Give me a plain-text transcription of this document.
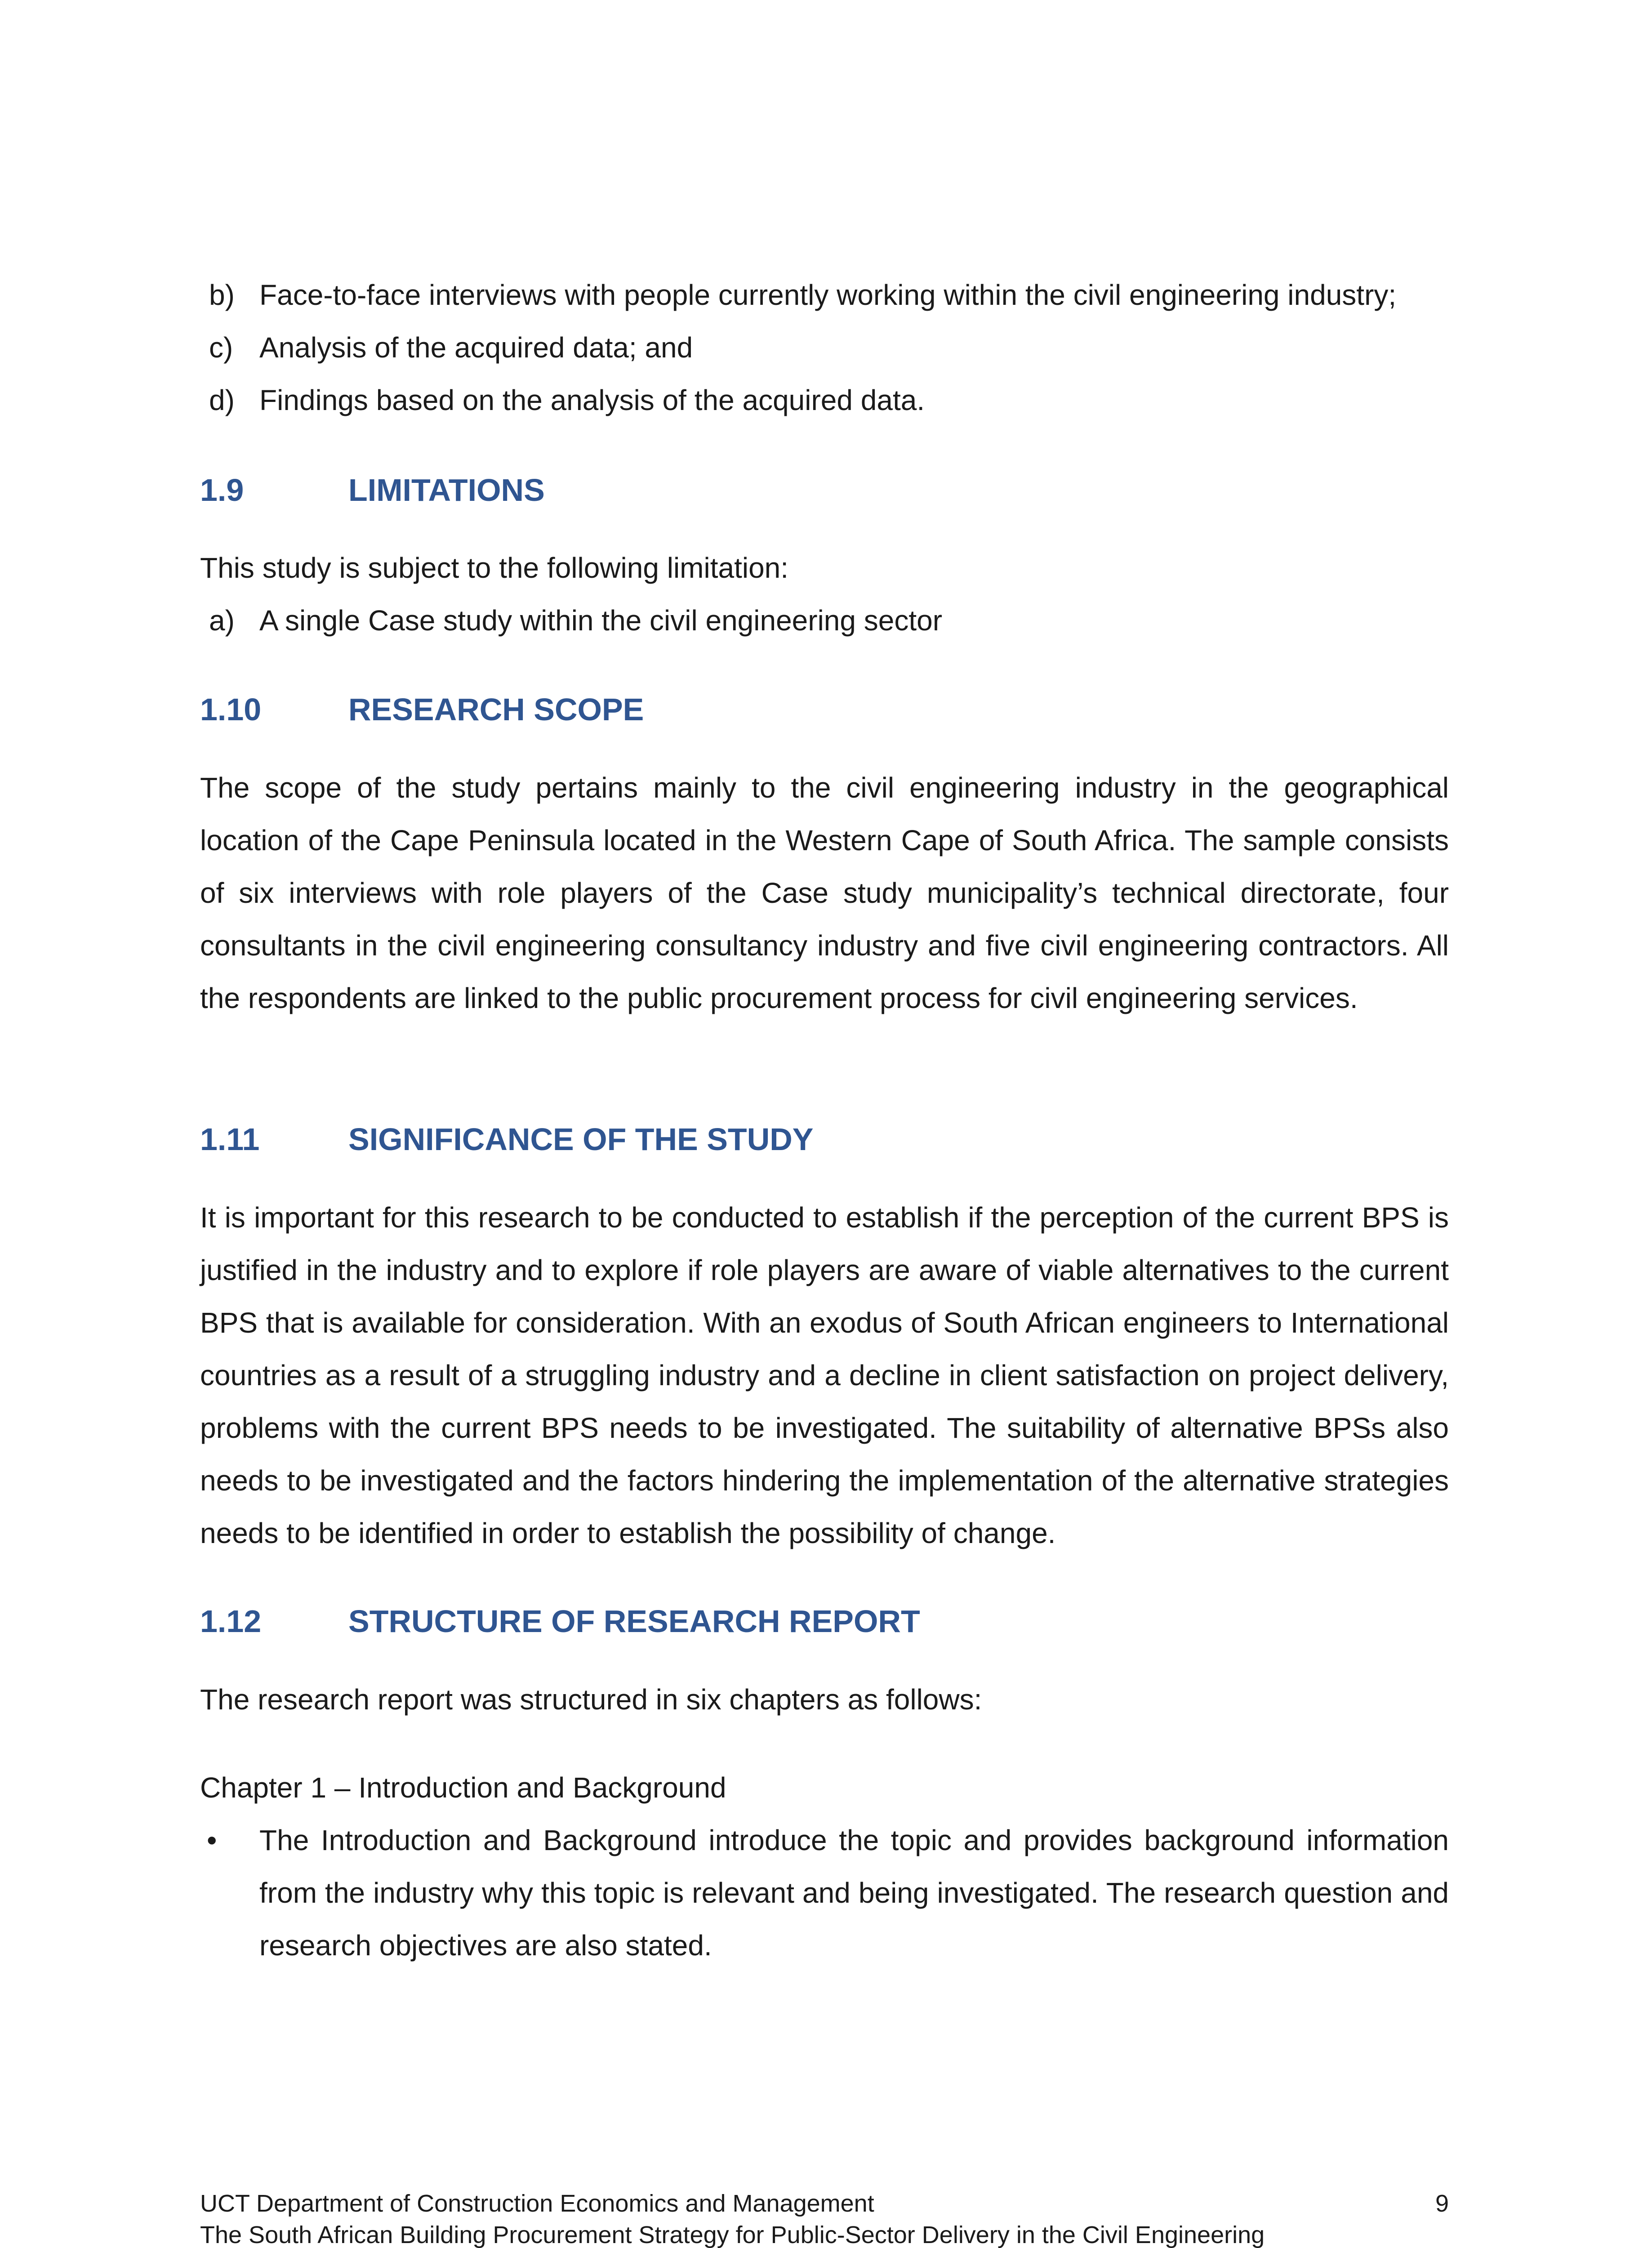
b) Face-to-face interviews with people currently working within the civil engineering industry;
c) Analysis of the acquired data; and
d) Findings based on the analysis of the acquired data.
1.9	LIMITATIONS
This study is subject to the following limitation:
a) A single Case study within the civil engineering sector
1.10	RESEARCH SCOPE
The scope of the study pertains mainly to the civil engineering industry in the geographical location of the Cape Peninsula located in the Western Cape of South Africa. The sample consists of six interviews with role players of the Case study municipality’s technical directorate, four consultants in the civil engineering consultancy industry and five civil engineering contractors. All the respondents are linked to the public procurement process for civil engineering services.
1.11	SIGNIFICANCE OF THE STUDY
It is important for this research to be conducted to establish if the perception of the current BPS is justified in the industry and to explore if role players are aware of viable alternatives to the current BPS that is available for consideration. With an exodus of South African engineers to International countries as a result of a struggling industry and a decline in client satisfaction on project delivery, problems with the current BPS needs to be investigated. The suitability of alternative BPSs also needs to be investigated and the factors hindering the implementation of the alternative strategies needs to be identified in order to establish the possibility of change.
1.12	STRUCTURE OF RESEARCH REPORT
The research report was structured in six chapters as follows:
Chapter 1 – Introduction and Background
• The Introduction and Background introduce the topic and provides background information from the industry why this topic is relevant and being investigated. The research question and research objectives are also stated.
UCT Department of Construction Economics and Management
The South African Building Procurement Strategy for Public-Sector Delivery in the Civil Engineering
9
